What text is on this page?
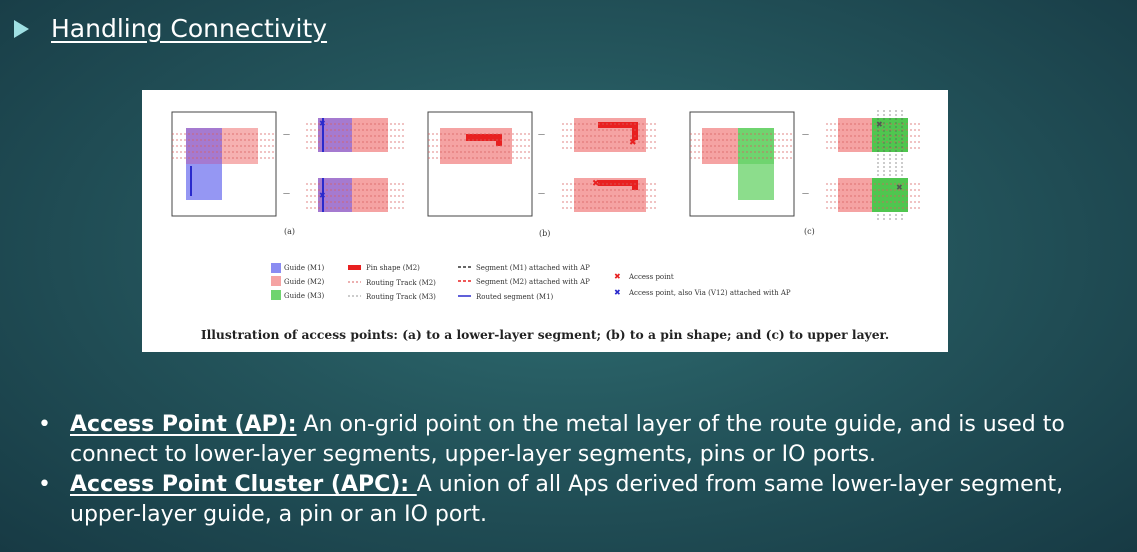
Handling Connectivity
—
—
✖
✖
—
—
✖
✖
—
—
✖
✖
(a)	(b)	(c)
Guide (M1)
Guide (M2)
Guide (M3)
Pin shape (M2)
Routing Track (M2)
Routing Track (M3)
Segment (M1) attached with AP
Segment (M2) attached with AP
Routed segment (M1)
✖ Access point
✖ Access point, also Via (V12) attached with AP
Illustration of access points: (a) to a lower-layer segment; (b) to a pin shape; and (c) to upper layer.
• Access Point (AP): An on-grid point on the metal layer of the route guide, and is used to connect to lower-layer segments, upper-layer segments, pins or IO ports.
• Access Point Cluster (APC): A union of all Aps derived from same lower-layer segment, upper-layer guide, a pin or an IO port.
